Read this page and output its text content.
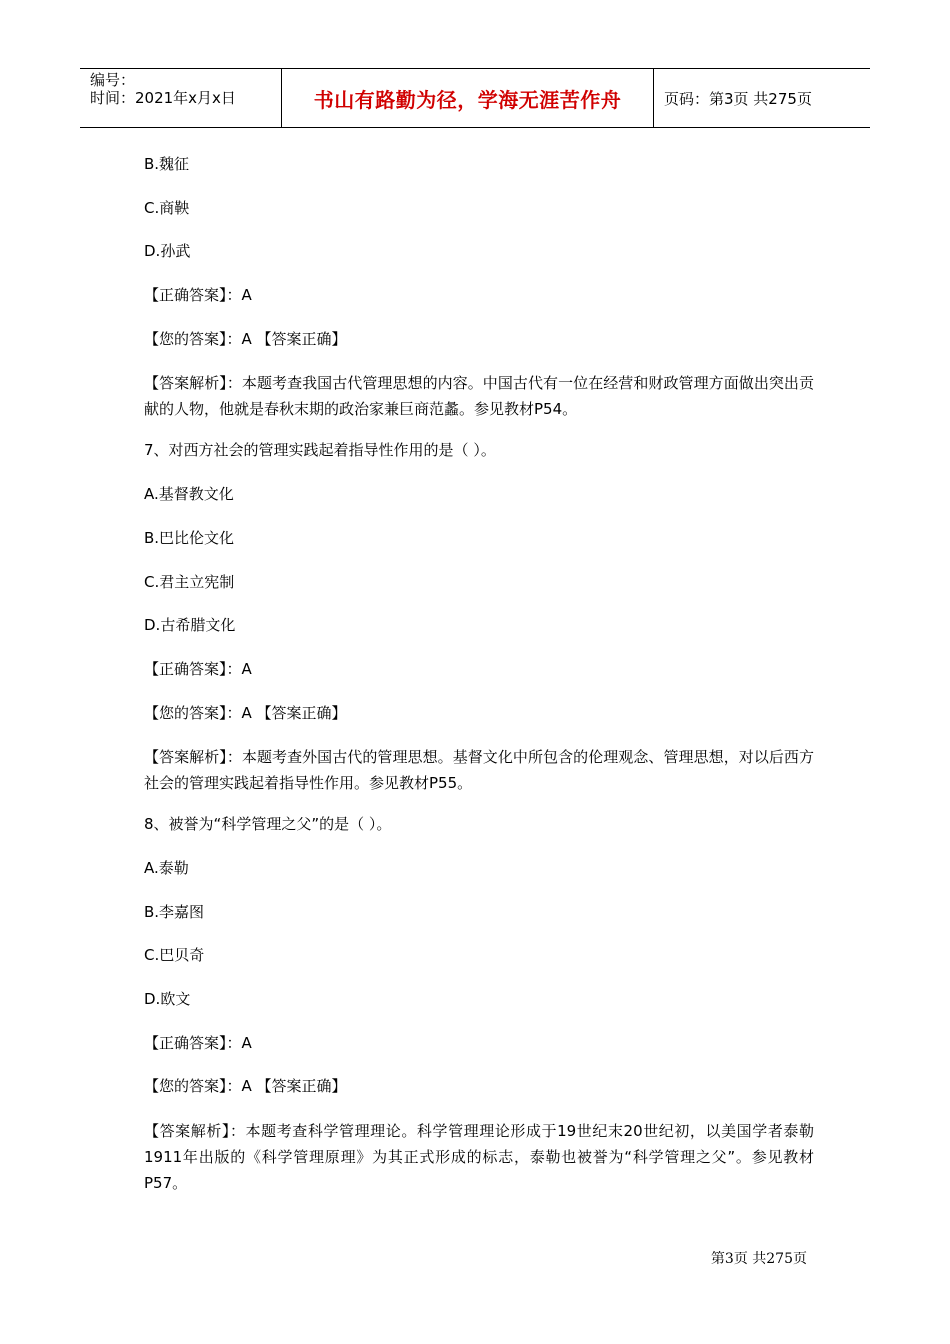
编号：
时间：2021年x月x日	书山有路勤为径，学海无涯苦作舟	页码：第3页 共275页
B.魏征
C.商鞅
D.孙武
【正确答案】：A
【您的答案】：A 【答案正确】
【答案解析】：本题考查我国古代管理思想的内容。中国古代有一位在经营和财政管理方面做出突出贡献的人物，他就是春秋末期的政治家兼巨商范蠡。参见教材P54。
7、对西方社会的管理实践起着指导性作用的是（ ）。
A.基督教文化
B.巴比伦文化
C.君主立宪制
D.古希腊文化
【正确答案】：A
【您的答案】：A 【答案正确】
【答案解析】：本题考查外国古代的管理思想。基督文化中所包含的伦理观念、管理思想，对以后西方社会的管理实践起着指导性作用。参见教材P55。
8、被誉为“科学管理之父”的是（ ）。
A.泰勒
B.李嘉图
C.巴贝奇
D.欧文
【正确答案】：A
【您的答案】：A 【答案正确】
【答案解析】：本题考查科学管理理论。科学管理理论形成于19世纪末20世纪初，以美国学者泰勒1911年出版的《科学管理原理》为其正式形成的标志，泰勒也被誉为“科学管理之父”。参见教材P57。
第3页 共275页
